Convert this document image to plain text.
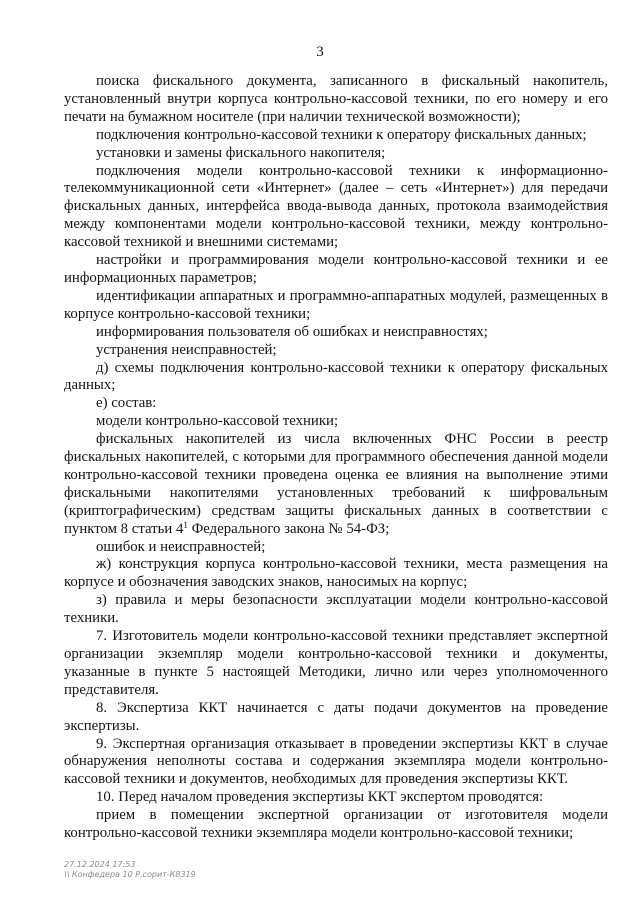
3

поиска фискального документа, записанного в фискальный накопитель, установленный внутри корпуса контрольно-кассовой техники, по его номеру и его печати на бумажном носителе (при наличии технической возможности);

подключения контрольно-кассовой техники к оператору фискальных данных;

установки и замены фискального накопителя;

подключения модели контрольно-кассовой техники к информационно-телекоммуникационной сети «Интернет» (далее – сеть «Интернет») для передачи фискальных данных, интерфейса ввода-вывода данных, протокола взаимодействия между компонентами модели контрольно-кассовой техники, между контрольно-кассовой техникой и внешними системами;

настройки и программирования модели контрольно-кассовой техники и ее информационных параметров;

идентификации аппаратных и программно-аппаратных модулей, размещенных в корпусе контрольно-кассовой техники;

информирования пользователя об ошибках и неисправностях;

устранения неисправностей;

д) схемы подключения контрольно-кассовой техники к оператору фискальных данных;

е) состав:

модели контрольно-кассовой техники;

фискальных накопителей из числа включенных ФНС России в реестр фискальных накопителей, с которыми для программного обеспечения данной модели контрольно-кассовой техники проведена оценка ее влияния на выполнение этими фискальными накопителями установленных требований к шифровальным (криптографическим) средствам защиты фискальных данных в соответствии с пунктом 8 статьи $4^1$ Федерального закона № 54-ФЗ;

ошибок и неисправностей;

ж) конструкция корпуса контрольно-кассовой техники, места размещения на корпусе и обозначения заводских знаков, наносимых на корпус;

з) правила и меры безопасности эксплуатации модели контрольно-кассовой техники.

7. Изготовитель модели контрольно-кассовой техники представляет экспертной организации экземпляр модели контрольно-кассовой техники и документы, указанные в пункте 5 настоящей Методики, лично или через уполномоченного представителя.

8. Экспертиза ККТ начинается с даты подачи документов на проведение экспертизы.

9. Экспертная организация отказывает в проведении экспертизы ККТ в случае обнаружения неполноты состава и содержания экземпляра модели контрольно-кассовой техники и документов, необходимых для проведения экспертизы ККТ.

10. Перед началом проведения экспертизы ККТ экспертом проводятся:

прием в помещении экспертной организации от изготовителя модели контрольно-кассовой техники экземпляра модели контрольно-кассовой техники;

27.12.2024 17:53
\\ Конфедера 10 Р.сорит-К8319
